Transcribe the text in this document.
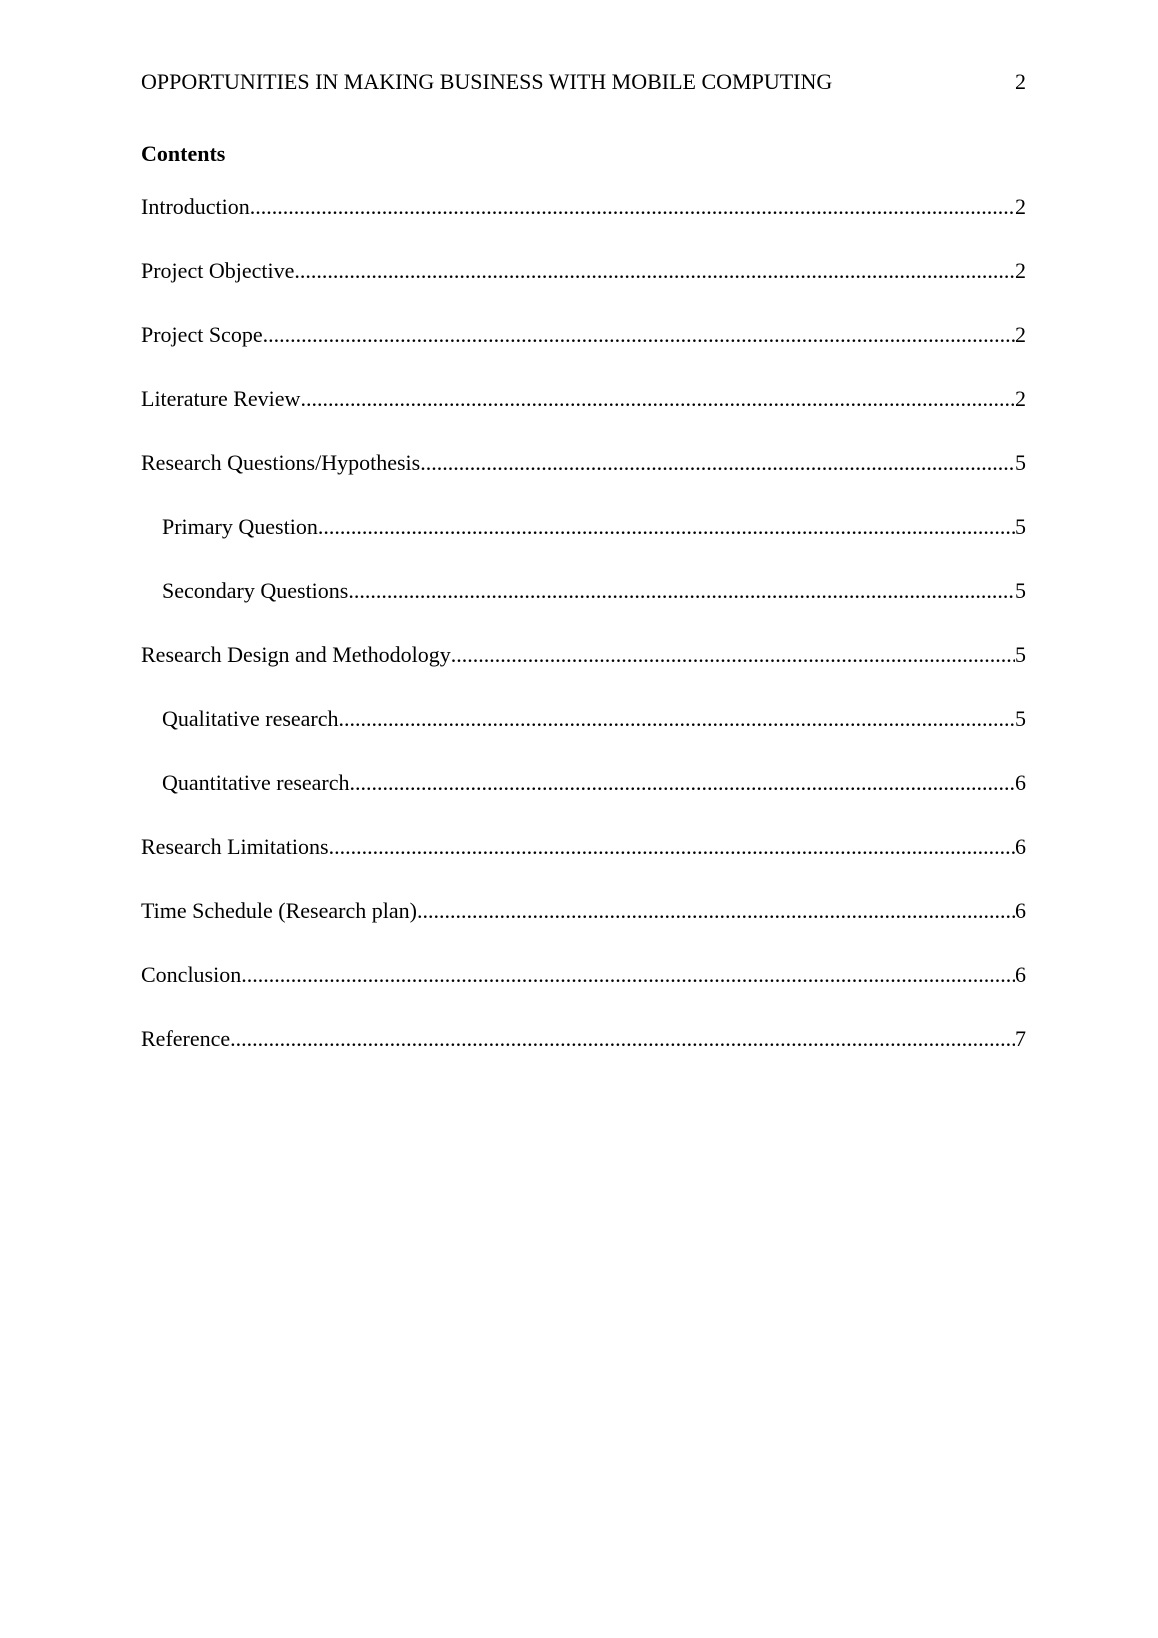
OPPORTUNITIES IN MAKING BUSINESS WITH MOBILE COMPUTING	2
Contents
Introduction .....	2
Project Objective .....	2
Project Scope .....	2
Literature Review .....	2
Research Questions/Hypothesis .....	5
Primary Question .....	5
Secondary Questions .....	5
Research Design and Methodology .....	5
Qualitative research .....	5
Quantitative research .....	6
Research Limitations .....	6
Time Schedule (Research plan) .....	6
Conclusion .....	6
Reference .....	7
